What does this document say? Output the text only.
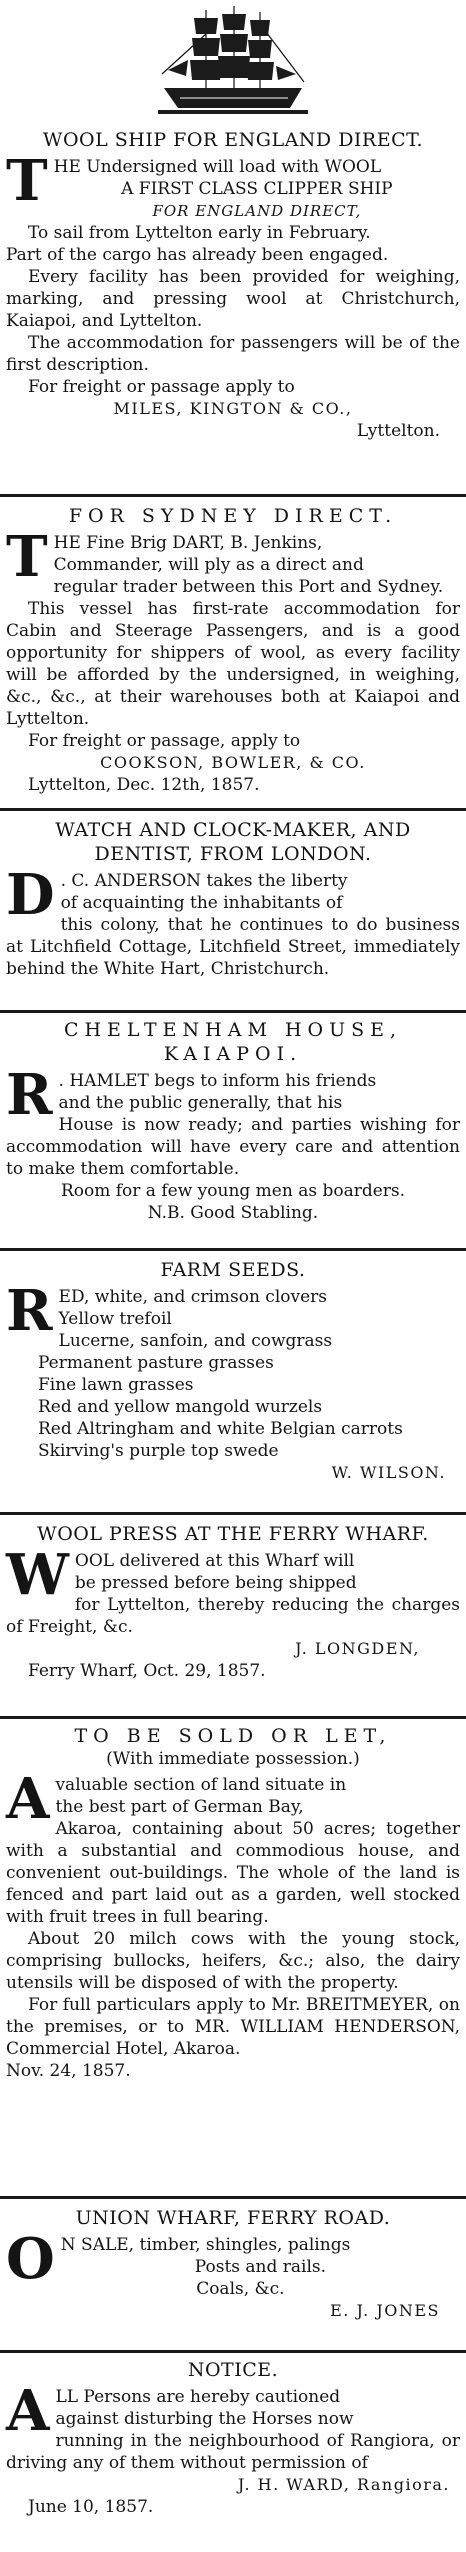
WOOL SHIP FOR ENGLAND DIRECT.

T HE Undersigned will load with WOOL

A FIRST CLASS CLIPPER SHIP

FOR ENGLAND DIRECT,

To sail from Lyttelton early in February.

Part of the cargo has already been engaged.

Every facility has been provided for weighing, marking, and pressing wool at Christchurch, Kaiapoi, and Lyttelton.

The accommodation for passengers will be of the first description.

For freight or passage apply to

MILES, KINGTON & CO.,

Lyttelton.

FOR SYDNEY DIRECT.

T HE Fine Brig DART, B. Jenkins,

Commander, will ply as a direct and

regular trader between this Port and Sydney.

This vessel has first-rate accommodation for Cabin and Steerage Passengers, and is a good opportunity for shippers of wool, as every facility will be afforded by the undersigned, in weighing, &c., &c., at their warehouses both at Kaiapoi and Lyttelton.

For freight or passage, apply to

COOKSON, BOWLER, & CO.

Lyttelton, Dec. 12th, 1857.

WATCH AND CLOCK-MAKER, AND

DENTIST, FROM LONDON.

D . C. ANDERSON takes the liberty

of acquainting the inhabitants of

this colony, that he continues to do business at Litchfield Cottage, Litchfield Street, immediately behind the White Hart, Christchurch.

CHELTENHAM HOUSE,

KAIAPOI.

R . HAMLET begs to inform his friends

and the public generally, that his

House is now ready; and parties wishing for accommodation will have every care and attention to make them comfortable.

Room for a few young men as boarders.

N.B. Good Stabling.

FARM SEEDS.

R ED, white, and crimson clovers

Yellow trefoil

Lucerne, sanfoin, and cowgrass

Permanent pasture grasses

Fine lawn grasses

Red and yellow mangold wurzels

Red Altringham and white Belgian carrots

Skirving's purple top swede

W. WILSON.

WOOL PRESS AT THE FERRY WHARF.

W OOL delivered at this Wharf will

be pressed before being shipped

for Lyttelton, thereby reducing the charges of Freight, &c.

J. LONGDEN,

Ferry Wharf, Oct. 29, 1857.

TO BE SOLD OR LET,

(With immediate possession.)

A valuable section of land situate in

the best part of German Bay,

Akaroa, containing about 50 acres; together with a substantial and commodious house, and convenient out-buildings. The whole of the land is fenced and part laid out as a garden, well stocked with fruit trees in full bearing.

About 20 milch cows with the young stock, comprising bullocks, heifers, &c.; also, the dairy utensils will be disposed of with the property.

For full particulars apply to Mr. BREITMEYER, on the premises, or to MR. WILLIAM HENDERSON, Commercial Hotel, Akaroa.

Nov. 24, 1857.

UNION WHARF, FERRY ROAD.

O N SALE, timber, shingles, palings

Posts and rails.

Coals, &c.

E. J. JONES

NOTICE.

A LL Persons are hereby cautioned

against disturbing the Horses now

running in the neighbourhood of Rangiora, or driving any of them without permission of

J. H. WARD, Rangiora.

June 10, 1857.
